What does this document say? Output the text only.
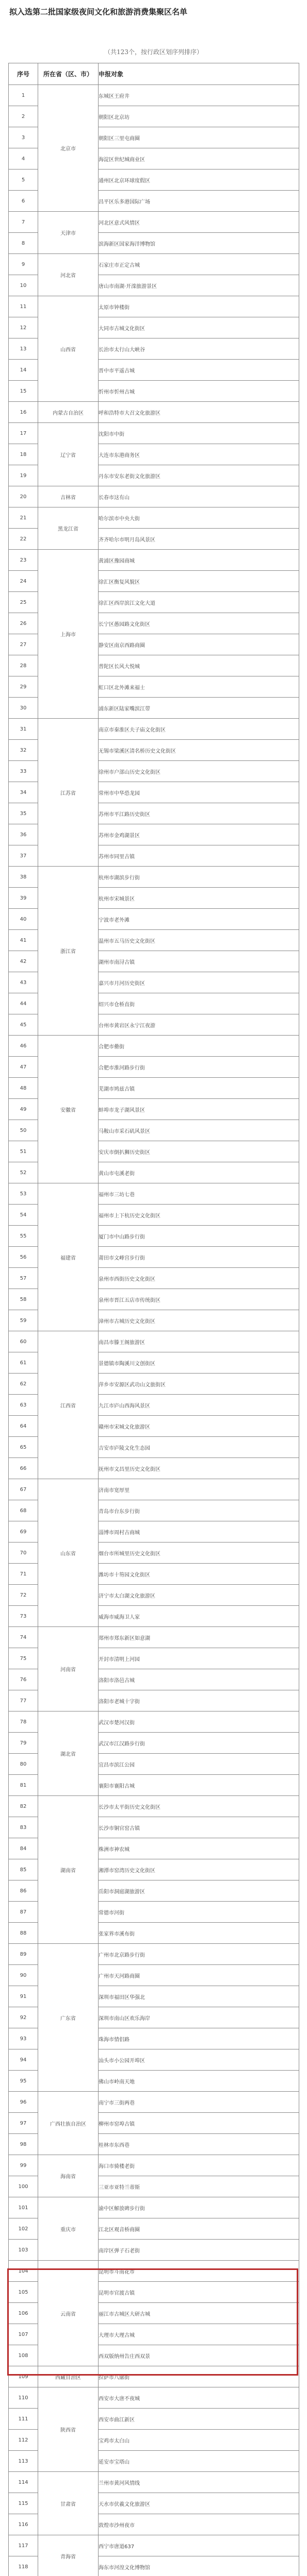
拟入选第二批国家级夜间文化和旅游消费集聚区名单
（共123个，按行政区划序列排序）
序号	所在省（区、市）	申报对象
1	北京市	东城区王府井
2		朝阳区北京坊
3		朝阳区三里屯商圈
4		海淀区世纪城商业区
5		通州区北京环球度假区
6		昌平区乐多港国际广场
7	天津市	河北区意式风情区
8		滨海新区国家海洋博物馆
9	河北省	石家庄市正定古城
10		唐山市南湖·开滦旅游景区
11	山西省	太原市钟楼街
12		大同市古城文化街区
13		长治市太行山大峡谷
14		晋中市平遥古城
15		忻州市忻州古城
16	内蒙古自治区	呼和浩特市大召文化旅游区
17	辽宁省	沈阳市中街
18		大连市东港商务区
19		丹东市安东老街文化旅游区
20	吉林省	长春市这有山
21	黑龙江省	哈尔滨市中央大街
22		齐齐哈尔市明月岛风景区
23	上海市	黄浦区豫园商城
24		徐汇区衡复风貌区
25		徐汇区西岸滨江文化大道
26		长宁区愚园路文化街区
27		静安区南京西路商圈
28		普陀区长风大悦城
29		虹口区北外滩来福士
30		浦东新区陆家嘴滨江带
31	江苏省	南京市秦淮区夫子庙文化街区
32		无锡市梁溪区清名桥历史文化街区
33		徐州市户部山历史文化街区
34		常州市中华恐龙园
35		苏州市平江路历史街区
36		苏州市金鸡湖景区
37		苏州市同里古镇
38	浙江省	杭州市湖滨步行街
39		杭州市宋城景区
40		宁波市老外滩
41		温州市五马历史文化街区
42		湖州市南浔古镇
43		嘉兴市月河历史街区
44		绍兴市仓桥直街
45		台州市黄岩区永宁江夜游
46	安徽省	合肥市罍街
47		合肥市淮河路步行街
48		芜湖市鸠兹古镇
49		蚌埠市龙子湖风景区
50		马鞍山市采石矶风景区
51		安庆市倒扒狮历史街区
52		黄山市屯溪老街
53	福建省	福州市三坊七巷
54		福州市上下杭历史文化街区
55		厦门市中山路步行街
56		莆田市文峰宫步行街
57		泉州市西街历史文化街区
58		泉州市晋江五店市传统街区
59		漳州市古城历史文化街区
60	江西省	南昌市滕王阁旅游区
61		景德镇市陶溪川文创街区
62		萍乡市安源区武功山文旅街区
63		九江市庐山西海风景区
64		赣州市宋城文化旅游区
65		吉安市庐陵文化生态园
66		抚州市文昌里历史文化街区
67	山东省	济南市宽厚里
68		青岛市台东步行街
69		淄博市周村古商城
70		烟台市所城里历史文化街区
71		潍坊市十笏园文化街区
72		济宁市太白湖文化旅游区
73		威海市威海卫人家
74	河南省	郑州市郑东新区如意湖
75		开封市清明上河园
76		洛阳市洛邑古城
77		洛阳市老城十字街
78	湖北省	武汉市楚河汉街
79		武汉市江汉路步行街
80		宜昌市滨江公园
81		襄阳市襄阳古城
82	湖南省	长沙市太平街历史文化街区
83		长沙市铜官窑古镇
84		株洲市神农城
85		湘潭市窑湾历史文化街区
86		岳阳市洞庭湖旅游区
87		常德市河街
88		张家界市溪布街
89	广东省	广州市北京路步行街
90		广州市天河路商圈
91		深圳市福田区华强北
92		深圳市南山区欢乐海岸
93		珠海市情侣路
94		汕头市小公园开埠区
95		佛山市岭南天地
96	广西壮族自治区	南宁市三街两巷
97		柳州市窑埠古镇
98		桂林市东西巷
99	海南省	海口市骑楼老街
100		三亚市亚特兰蒂斯
101	重庆市	渝中区解放碑步行街
102		江北区观音桥商圈
103		南岸区弹子石老街
104	云南省	昆明市斗南花市
105		昆明市官渡古镇
106		丽江市古城区大研古城
107		大理市大理古城
108		西双版纳州告庄西双景
109	西藏自治区	拉萨市八廓街
110	陕西省	西安市大唐不夜城
111		西安市曲江新区
112		宝鸡市太白山
113		延安市宝塔山
114	甘肃省	兰州市黄河风情线
115		天水市伏羲文化旅游区
116		敦煌市沙州夜市
117	青海省	西宁市唐道637
118		海东市河湟文化博物馆
